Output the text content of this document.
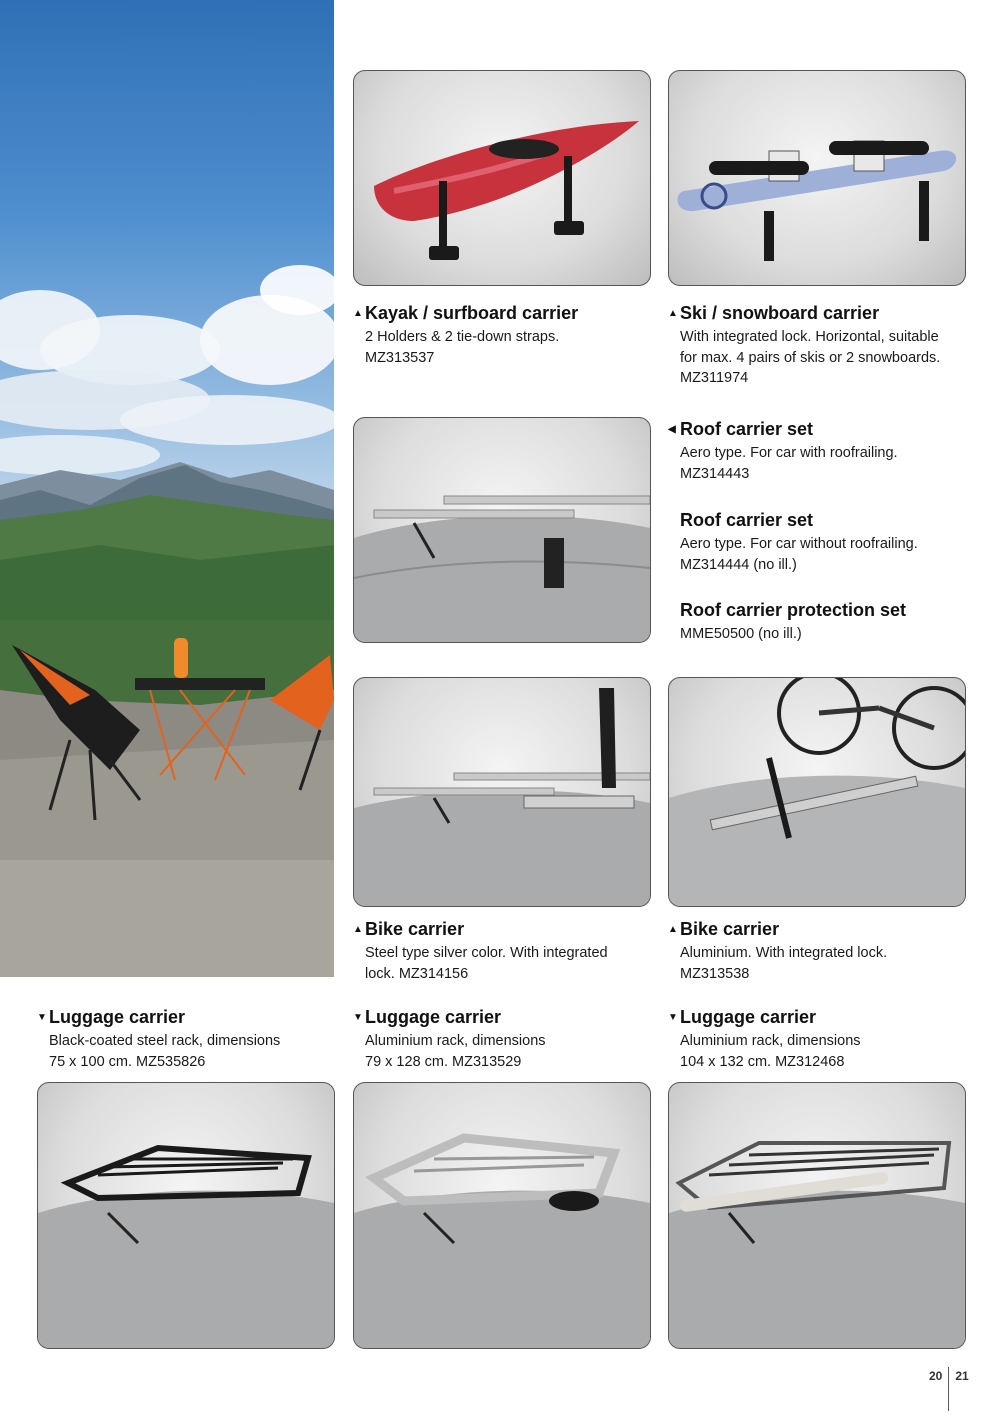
▲ Kayak / surfboard carrier

2 Holders & 2 tie-down straps.
MZ313537

▲ Ski / snowboard carrier

With integrated lock. Horizontal, suitable
for max. 4 pairs of skis or 2 snowboards.
MZ311974

◀ Roof carrier set

Aero type. For car with roofrailing.
MZ314443

Roof carrier set

Aero type. For car without roofrailing.
MZ314444 (no ill.)

Roof carrier protection set

MME50500 (no ill.)

▲ Bike carrier

Steel type silver color. With integrated
lock. MZ314156

▲ Bike carrier

Aluminium. With integrated lock.
MZ313538

▼ Luggage carrier

Black-coated steel rack, dimensions
75 x 100 cm. MZ535826

▼ Luggage carrier

Aluminium rack, dimensions
79 x 128 cm. MZ313529

▼ Luggage carrier

Aluminium rack, dimensions
104 x 132 cm. MZ312468

20 21
